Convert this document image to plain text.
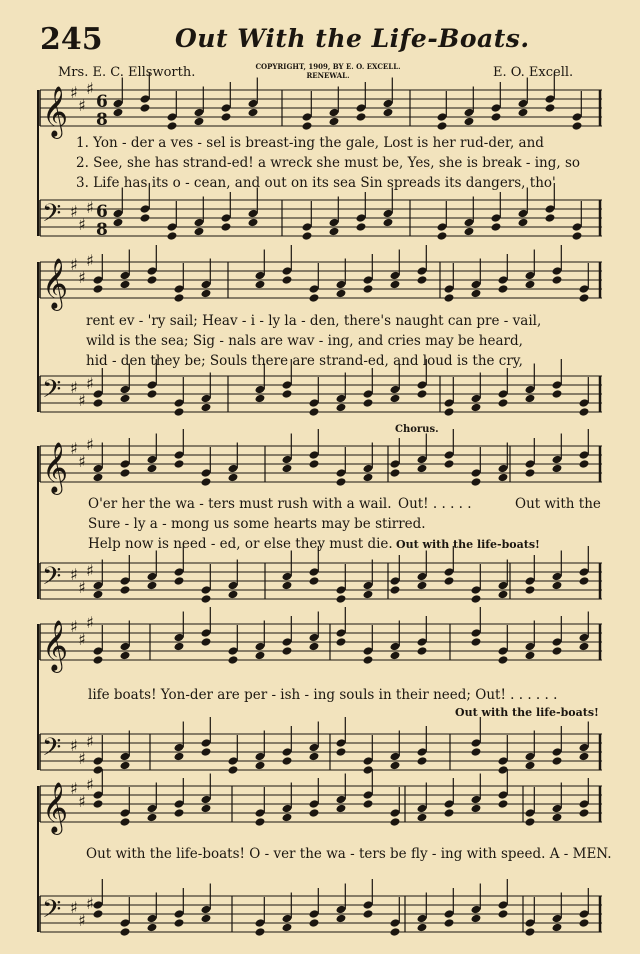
245	Out With the Life-Boats.
Mrs. E. C. Ellsworth.	COPYRIGHT, 1909, BY E. O. EXCELL.
RENEWAL.	E. O. Excell.
𝄞 ♯
♯
♯
6
8
𝄢 ♯
♯
♯ 6
8
𝄞 ♯
♯
♯
𝄢 ♯
♯
♯
𝄞 ♯
♯
♯
𝄢 ♯
♯
♯
𝄞 ♯
♯
♯
𝄢 ♯
♯
♯
𝄞 ♯
♯
♯
𝄢 ♯
♯
♯
1. Yon - der a ves - sel is breast-ing the gale, Lost is her rud-der, and
2. See, she has strand-ed! a wreck she must be, Yes, she is break - ing, so
3. Life has its o - cean, and out on its sea Sin spreads its dangers, tho'
rent ev - 'ry sail; Heav - i - ly la - den, there's naught can pre - vail,
wild is the sea; Sig - nals are wav - ing, and cries may be heard,
hid - den they be; Souls there are strand-ed, and loud is the cry,
Chorus.
O'er her the wa - ters must rush with a wail. Out! . . . . .	Out with the
Sure - ly a - mong us some hearts may be stirred.
Help now is need - ed, or else they must die. Out with the life-boats!
life boats! Yon-der are per - ish - ing souls in their need; Out! . . . . . .
Out with the life-boats!
Out with the life-boats! O - ver the wa - ters be fly - ing with speed. A - MEN.
